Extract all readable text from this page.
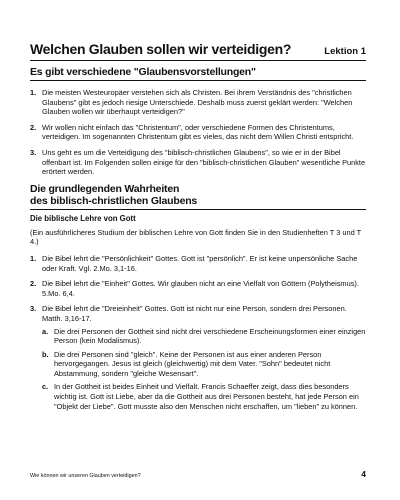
Welchen Glauben sollen wir verteidigen?	Lektion 1
Es gibt verschiedene "Glaubensvorstellungen"
1. Die meisten Westeuropäer verstehen sich als Christen. Bei ihrem Verständnis des "christlichen Glaubens" gibt es jedoch riesige Unterschiede. Deshalb muss zuerst geklärt werden: "Welchen Glauben wollen wir überhaupt verteidigen?"
2. Wir wollen nicht einfach das "Christentum", oder verschiedene Formen des Christentums, verteidigen. Im sogenannten Christentum gibt es vieles, das nicht dem Willen Christi entspricht.
3. Uns geht es um die Verteidigung des "biblisch-christlichen Glaubens", so wie er in der Bibel offenbart ist. Im Folgenden sollen einige für den "biblisch-christlichen Glauben" wesentliche Punkte erörtert werden.
Die grundlegenden Wahrheiten
des biblisch-christlichen Glaubens
Die biblische Lehre von Gott

(Ein ausführlicheres Studium der biblischen Lehre von Gott finden Sie in den Studienheften T 3 und T 4.)

1. Die Bibel lehrt die "Persönlichkeit" Gottes. Gott ist "persönlich". Er ist keine unpersönliche Sache oder Kraft. Vgl. 2.Mo. 3,1-16.
2. Die Bibel lehrt die "Einheit" Gottes. Wir glauben nicht an eine Vielfalt von Göttern (Polytheismus). 5.Mo. 6,4.
3. Die Bibel lehrt die "Dreieinheit" Gottes. Gott ist nicht nur eine Person, sondern drei Personen. Matth. 3,16-17.
a. Die drei Personen der Gottheit sind nicht drei verschiedene Erscheinungsformen einer einzigen Person (kein Modalismus).
b. Die drei Personen sind "gleich". Keine der Personen ist aus einer anderen Person hervorgegangen. Jesus ist gleich (gleichwertig) mit dem Vater. "Sohn" bedeutet nicht Abstammung, sondern "gleiche Wesensart".
c. In der Gottheit ist beides Einheit und Vielfalt. Francis Schaeffer zeigt, dass dies besonders wichtig ist. Gott ist Liebe, aber da die Gottheit aus drei Personen besteht, hat jede Person ein "Objekt der Liebe". Gott musste also den Menschen nicht erschaffen, um "lieben" zu können.
Wie können wir unseren Glauben verteidigen?	4
